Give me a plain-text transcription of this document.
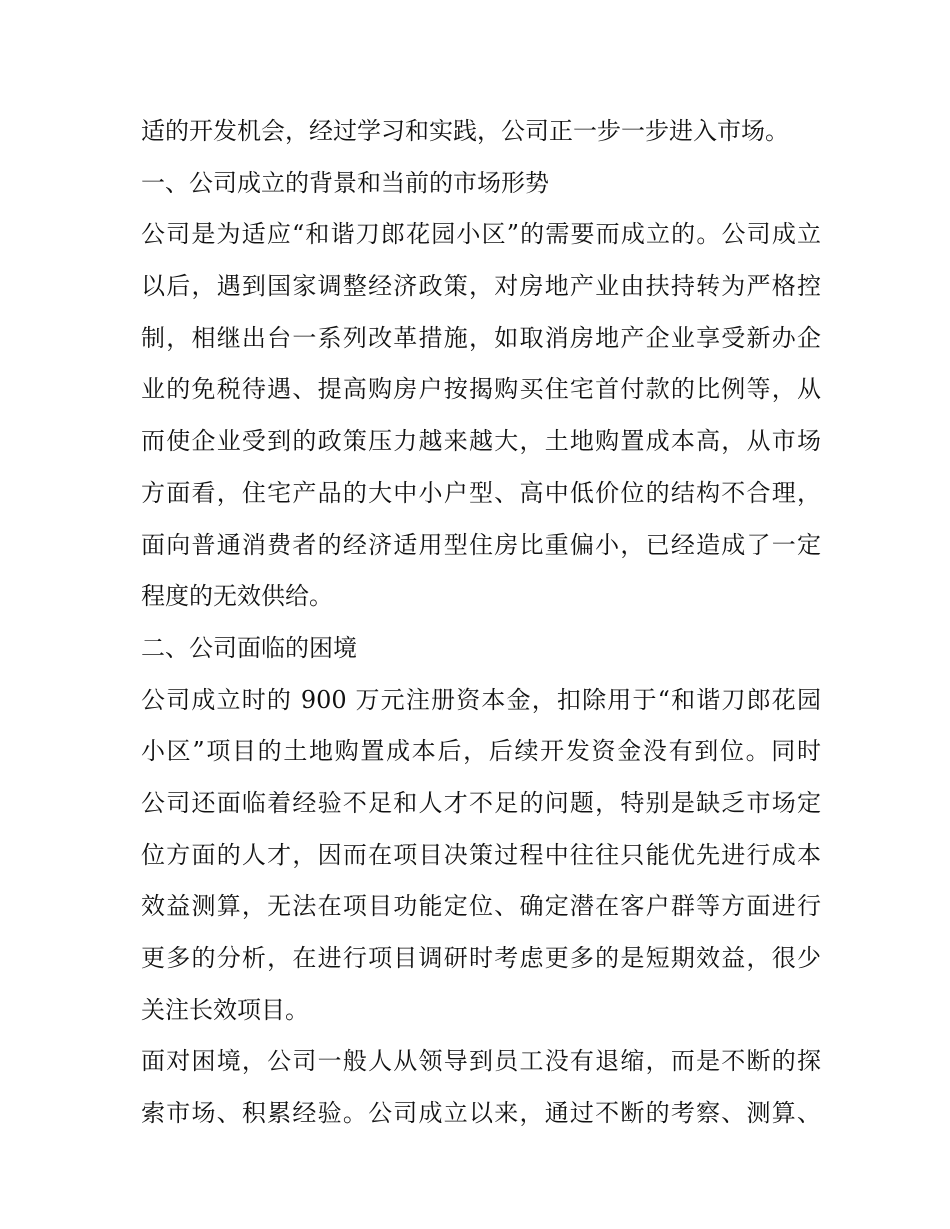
适的开发机会，经过学习和实践，公司正一步一步进入市场。
一、公司成立的背景和当前的市场形势
公司是为适应“和谐刀郎花园小区”的需要而成立的。公司成立
以后，遇到国家调整经济政策，对房地产业由扶持转为严格控
制，相继出台一系列改革措施，如取消房地产企业享受新办企
业的免税待遇、提高购房户按揭购买住宅首付款的比例等，从
而使企业受到的政策压力越来越大，土地购置成本高，从市场
方面看，住宅产品的大中小户型、高中低价位的结构不合理，
面向普通消费者的经济适用型住房比重偏小，已经造成了一定
程度的无效供给。
二、公司面临的困境
公司成立时的 900 万元注册资本金，扣除用于“和谐刀郎花园
小区”项目的土地购置成本后，后续开发资金没有到位。同时
公司还面临着经验不足和人才不足的问题，特别是缺乏市场定
位方面的人才，因而在项目决策过程中往往只能优先进行成本
效益测算，无法在项目功能定位、确定潜在客户群等方面进行
更多的分析，在进行项目调研时考虑更多的是短期效益，很少
关注长效项目。
面对困境，公司一般人从领导到员工没有退缩，而是不断的探
索市场、积累经验。公司成立以来，通过不断的考察、测算、
